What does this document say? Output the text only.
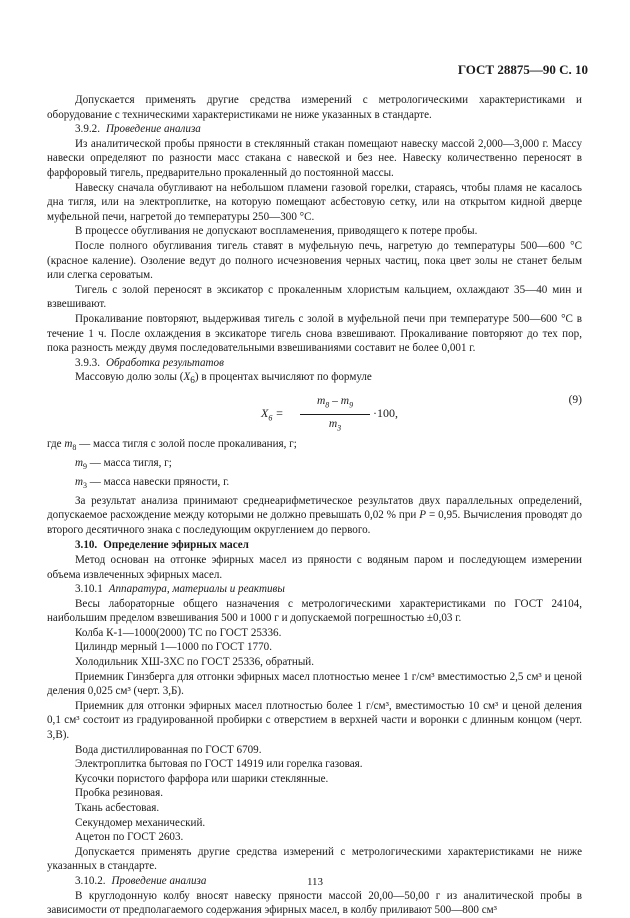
ГОСТ 28875—90 С. 10

Допускается применять другие средства измерений с метрологическими характеристиками и оборудование с техническими характеристиками не ниже указанных в стандарте.

3.9.2. Проведение анализа

Из аналитической пробы пряности в стеклянный стакан помещают навеску массой 2,000—3,000 г. Массу навески определяют по разности масс стакана с навеской и без нее. Навеску количественно переносят в фарфоровый тигель, предварительно прокаленный до постоянной массы.

Навеску сначала обугливают на небольшом пламени газовой горелки, стараясь, чтобы пламя не касалось дна тигля, или на электроплитке, на которую помещают асбестовую сетку, или на открытом кидной дверце муфельной печи, нагретой до температуры 250—300 °С.

В процессе обугливания не допускают воспламенения, приводящего к потере пробы.

После полного обугливания тигель ставят в муфельную печь, нагретую до температуры 500—600 °С (красное каление). Озоление ведут до полного исчезновения черных частиц, пока цвет золы не станет белым или слегка сероватым.

Тигель с золой переносят в эксикатор с прокаленным хлористым кальцием, охлаждают 35—40 мин и взвешивают.

Прокаливание повторяют, выдерживая тигель с золой в муфельной печи при температуре 500—600 °С в течение 1 ч. После охлаждения в эксикаторе тигель снова взвешивают. Прокаливание повторяют до тех пор, пока разность между двумя последовательными взвешиваниями составит не более 0,001 г.

3.9.3. Обработка результатов

Массовую долю золы $(X_6)$ в процентах вычисляют по формуле

$X_6 = \frac{m_8 - m_9}{m_3} \cdot 100$,
(9)

где $m_8$ — масса тигля с золой после прокаливания, г;

$m_9$ — масса тигля, г;

$m_3$ — масса навески пряности, г.

За результат анализа принимают среднеарифметическое результатов двух параллельных определений, допускаемое расхождение между которыми не должно превышать 0,02 % при P = 0,95. Вычисления проводят до второго десятичного знака с последующим округлением до первого.

3.10. Определение эфирных масел

Метод основан на отгонке эфирных масел из пряности с водяным паром и последующем измерении объема извлеченных эфирных масел.

3.10.1 Аппаратура, материалы и реактивы

Весы лабораторные общего назначения с метрологическими характеристиками по ГОСТ 24104, наибольшим пределом взвешивания 500 и 1000 г и допускаемой погрешностью ±0,03 г.

Колба К-1—1000(2000) ТС по ГОСТ 25336.

Цилиндр мерный 1—1000 по ГОСТ 1770.

Холодильник ХШ-3ХС по ГОСТ 25336, обратный.

Приемник Гинзберга для отгонки эфирных масел плотностью менее 1 г/см³ вместимостью 2,5 см³ и ценой деления 0,025 см³ (черт. 3,Б).

Приемник для отгонки эфирных масел плотностью более 1 г/см³, вместимостью 10 см³ и ценой деления 0,1 см³ состоит из градуированной пробирки с отверстием в верхней части и воронки с длинным концом (черт. 3,В).

Вода дистиллированная по ГОСТ 6709.

Электроплитка бытовая по ГОСТ 14919 или горелка газовая.

Кусочки пористого фарфора или шарики стеклянные.

Пробка резиновая.

Ткань асбестовая.

Секундомер механический.

Ацетон по ГОСТ 2603.

Допускается применять другие средства измерений с метрологическими характеристиками не ниже указанных в стандарте.

3.10.2. Проведение анализа

В круглодонную колбу вносят навеску пряности массой 20,00—50,00 г из аналитической пробы в зависимости от предполагаемого содержания эфирных масел, в колбу приливают 500—800 см³

113
